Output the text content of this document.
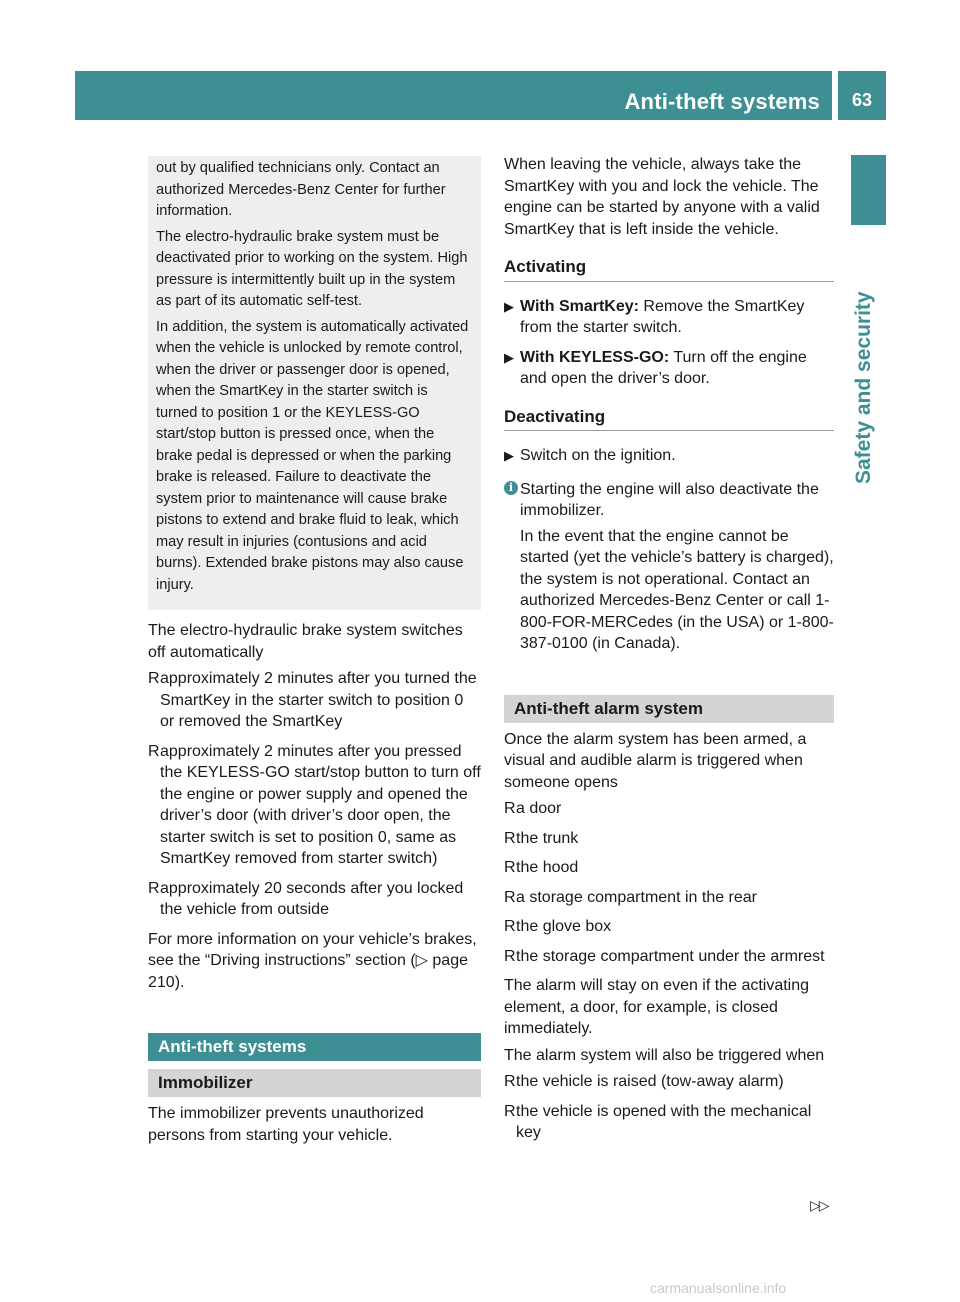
Anti-theft systems	63
Safety and security

out by qualified technicians only. Contact an authorized Mercedes-Benz Center for further information.

The electro-hydraulic brake system must be deactivated prior to working on the system. High pressure is intermittently built up in the system as part of its automatic self-test.

In addition, the system is automatically activated when the vehicle is unlocked by remote control, when the driver or passenger door is opened, when the SmartKey in the starter switch is turned to position 1 or the KEYLESS-GO start/stop button is pressed once, when the brake pedal is depressed or when the parking brake is released. Failure to deactivate the system prior to maintenance will cause brake pistons to extend and brake fluid to leak, which may result in injuries (contusions and acid burns). Extended brake pistons may also cause injury.

The electro-hydraulic brake system switches off automatically

R approximately 2 minutes after you turned the SmartKey in the starter switch to position 0 or removed the SmartKey
R approximately 2 minutes after you pressed the KEYLESS-GO start/stop button to turn off the engine or power supply and opened the driver’s door (with driver’s door open, the starter switch is set to position 0, same as SmartKey removed from starter switch)
R approximately 20 seconds after you locked the vehicle from outside

For more information on your vehicle’s brakes, see the “Driving instructions” section (▷ page 210).

Anti-theft systems
Immobilizer

The immobilizer prevents unauthorized persons from starting your vehicle.

When leaving the vehicle, always take the SmartKey with you and lock the vehicle. The engine can be started by anyone with a valid SmartKey that is left inside the vehicle.

Activating
▶ With SmartKey: Remove the SmartKey from the starter switch.
▶ With KEYLESS-GO: Turn off the engine and open the driver’s door.
Deactivating
▶ Switch on the ignition.
i Starting the engine will also deactivate the immobilizer.

In the event that the engine cannot be started (yet the vehicle’s battery is charged), the system is not operational. Contact an authorized Mercedes-Benz Center or call 1-800-FOR-MERCedes (in the USA) or 1-800-387-0100 (in Canada).

Anti-theft alarm system

Once the alarm system has been armed, a visual and audible alarm is triggered when someone opens

R a door
R the trunk
R the hood
R a storage compartment in the rear
R the glove box
R the storage compartment under the armrest

The alarm will stay on even if the activating element, a door, for example, is closed immediately.

The alarm system will also be triggered when

R the vehicle is raised (tow-away alarm)
R the vehicle is opened with the mechanical key
▷▷
carmanualsonline.info
